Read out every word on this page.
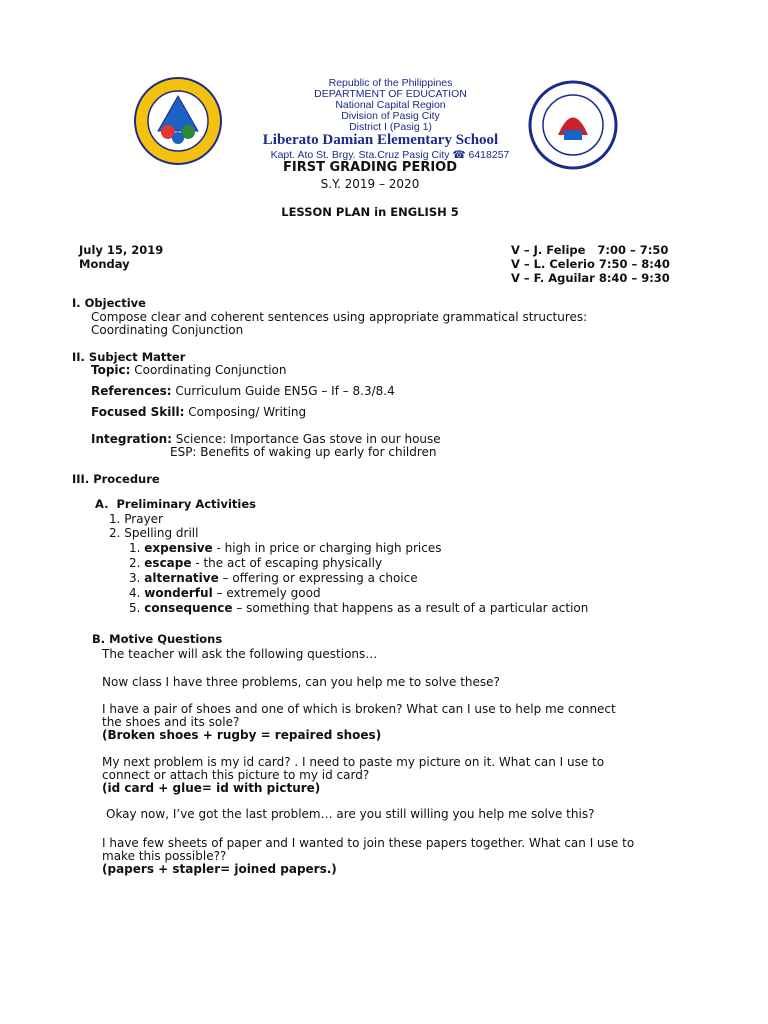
Republic of the Philippines
DEPARTMENT OF EDUCATION
National Capital Region
Division of Pasig City
District I (Pasig 1)
Liberato Damian Elementary School
Kapt. Ato St. Brgy. Sta.Cruz Pasig City ☎ 6418257
FIRST GRADING PERIOD
S.Y. 2019 – 2020
LESSON PLAN in ENGLISH 5
July 15, 2019
Monday
V – J. Felipe   7:00 – 7:50
V – L. Celerio 7:50 – 8:40
V – F. Aguilar 8:40 – 9:30
I. Objective
Compose clear and coherent sentences using appropriate grammatical structures:
Coordinating Conjunction
II. Subject Matter
Topic: Coordinating Conjunction
References: Curriculum Guide EN5G – If – 8.3/8.4
Focused Skill: Composing/ Writing
Integration: Science: Importance Gas stove in our house
ESP: Benefits of waking up early for children
III. Procedure
A.  Preliminary Activities
1. Prayer
2. Spelling drill
1. expensive - high in price or charging high prices
2. escape - the act of escaping physically
3. alternative – offering or expressing a choice
4. wonderful – extremely good
5. consequence – something that happens as a result of a particular action
B. Motive Questions
The teacher will ask the following questions…
Now class I have three problems, can you help me to solve these?
I have a pair of shoes and one of which is broken? What can I use to help me connect
the shoes and its sole?
(Broken shoes + rugby = repaired shoes)
My next problem is my id card? . I need to paste my picture on it. What can I use to
connect or attach this picture to my id card?
(id card + glue= id with picture)
Okay now, I’ve got the last problem… are you still willing you help me solve this?
I have few sheets of paper and I wanted to join these papers together. What can I use to
make this possible??
(papers + stapler= joined papers.)
